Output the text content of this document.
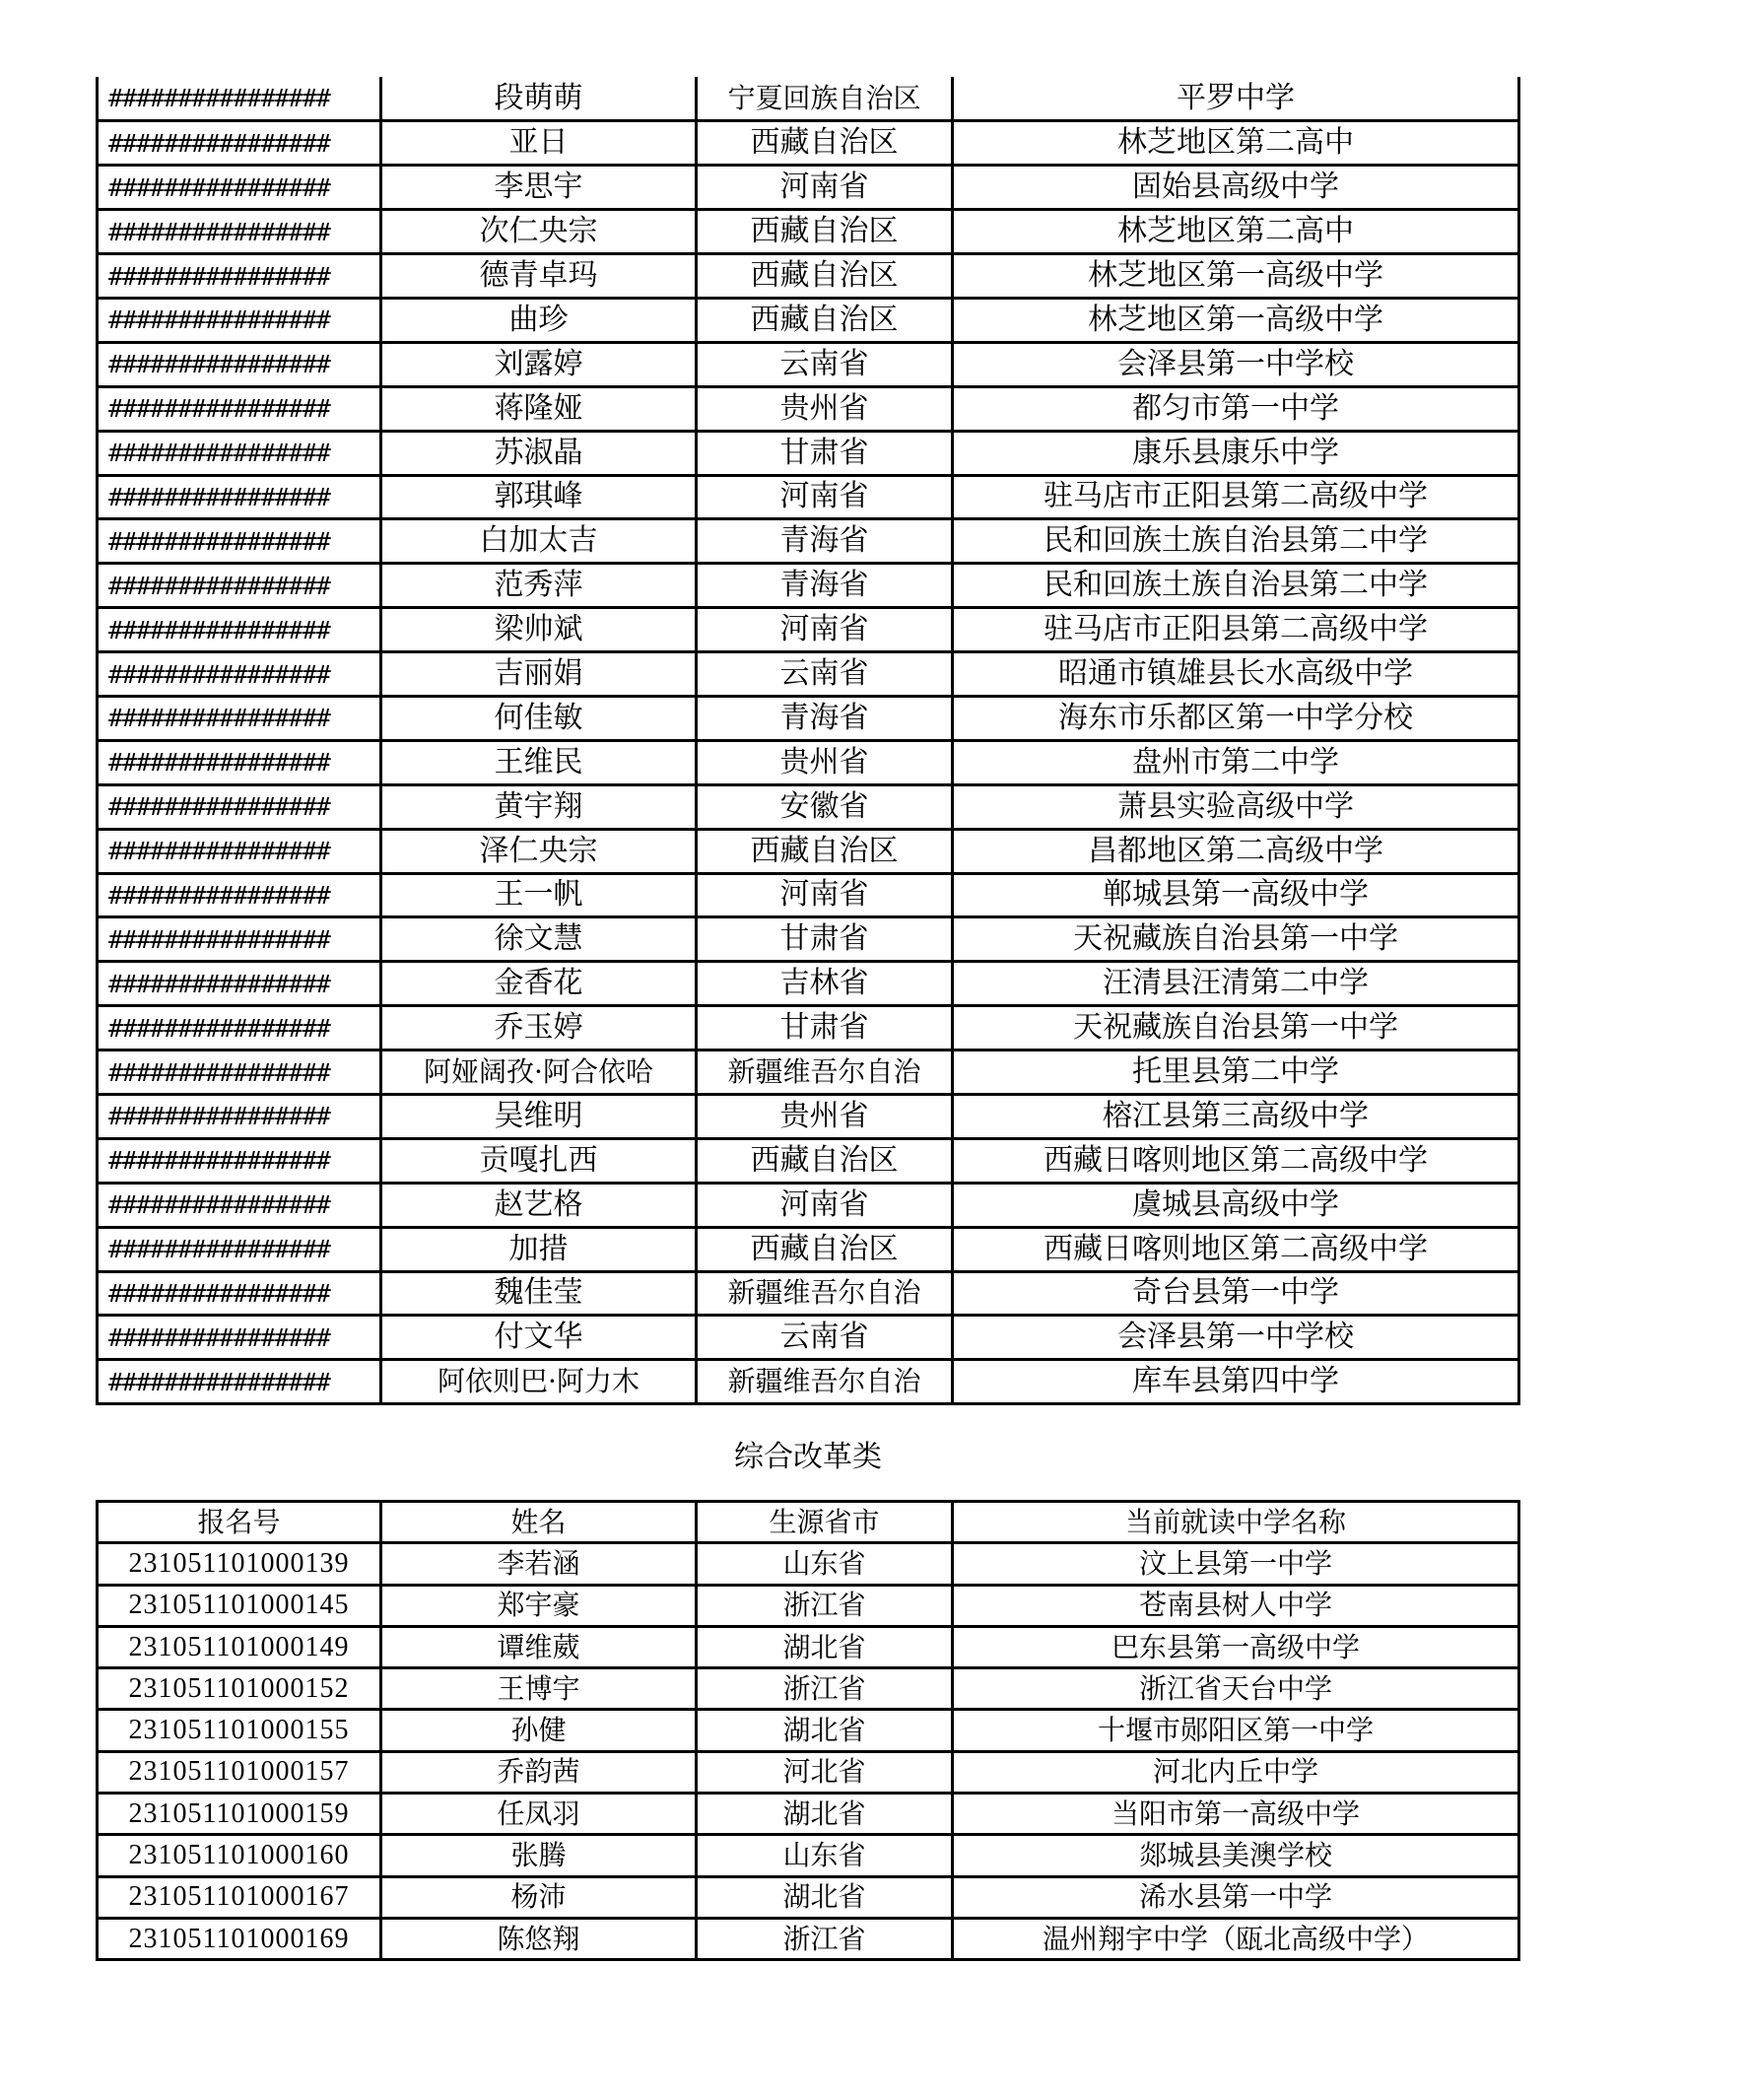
################	段萌萌	宁夏回族自治区	平罗中学
################	亚日	西藏自治区	林芝地区第二高中
################	李思宇	河南省	固始县高级中学
################	次仁央宗	西藏自治区	林芝地区第二高中
################	德青卓玛	西藏自治区	林芝地区第一高级中学
################	曲珍	西藏自治区	林芝地区第一高级中学
################	刘露婷	云南省	会泽县第一中学校
################	蒋隆娅	贵州省	都匀市第一中学
################	苏淑晶	甘肃省	康乐县康乐中学
################	郭琪峰	河南省	驻马店市正阳县第二高级中学
################	白加太吉	青海省	民和回族土族自治县第二中学
################	范秀萍	青海省	民和回族土族自治县第二中学
################	梁帅斌	河南省	驻马店市正阳县第二高级中学
################	吉丽娟	云南省	昭通市镇雄县长水高级中学
################	何佳敏	青海省	海东市乐都区第一中学分校
################	王维民	贵州省	盘州市第二中学
################	黄宇翔	安徽省	萧县实验高级中学
################	泽仁央宗	西藏自治区	昌都地区第二高级中学
################	王一帆	河南省	郸城县第一高级中学
################	徐文慧	甘肃省	天祝藏族自治县第一中学
################	金香花	吉林省	汪清县汪清第二中学
################	乔玉婷	甘肃省	天祝藏族自治县第一中学
################	阿娅阔孜·阿合依哈	新疆维吾尔自治	托里县第二中学
################	吴维明	贵州省	榕江县第三高级中学
################	贡嘎扎西	西藏自治区	西藏日喀则地区第二高级中学
################	赵艺格	河南省	虞城县高级中学
################	加措	西藏自治区	西藏日喀则地区第二高级中学
################	魏佳莹	新疆维吾尔自治	奇台县第一中学
################	付文华	云南省	会泽县第一中学校
################	阿依则巴·阿力木	新疆维吾尔自治	库车县第四中学
综合改革类
报名号	姓名	生源省市	当前就读中学名称
231051101000139	李若涵	山东省	汶上县第一中学
231051101000145	郑宇豪	浙江省	苍南县树人中学
231051101000149	谭维葳	湖北省	巴东县第一高级中学
231051101000152	王博宇	浙江省	浙江省天台中学
231051101000155	孙健	湖北省	十堰市郧阳区第一中学
231051101000157	乔韵茜	河北省	河北内丘中学
231051101000159	任凤羽	湖北省	当阳市第一高级中学
231051101000160	张腾	山东省	郯城县美澳学校
231051101000167	杨沛	湖北省	浠水县第一中学
231051101000169	陈悠翔	浙江省	温州翔宇中学（瓯北高级中学）
